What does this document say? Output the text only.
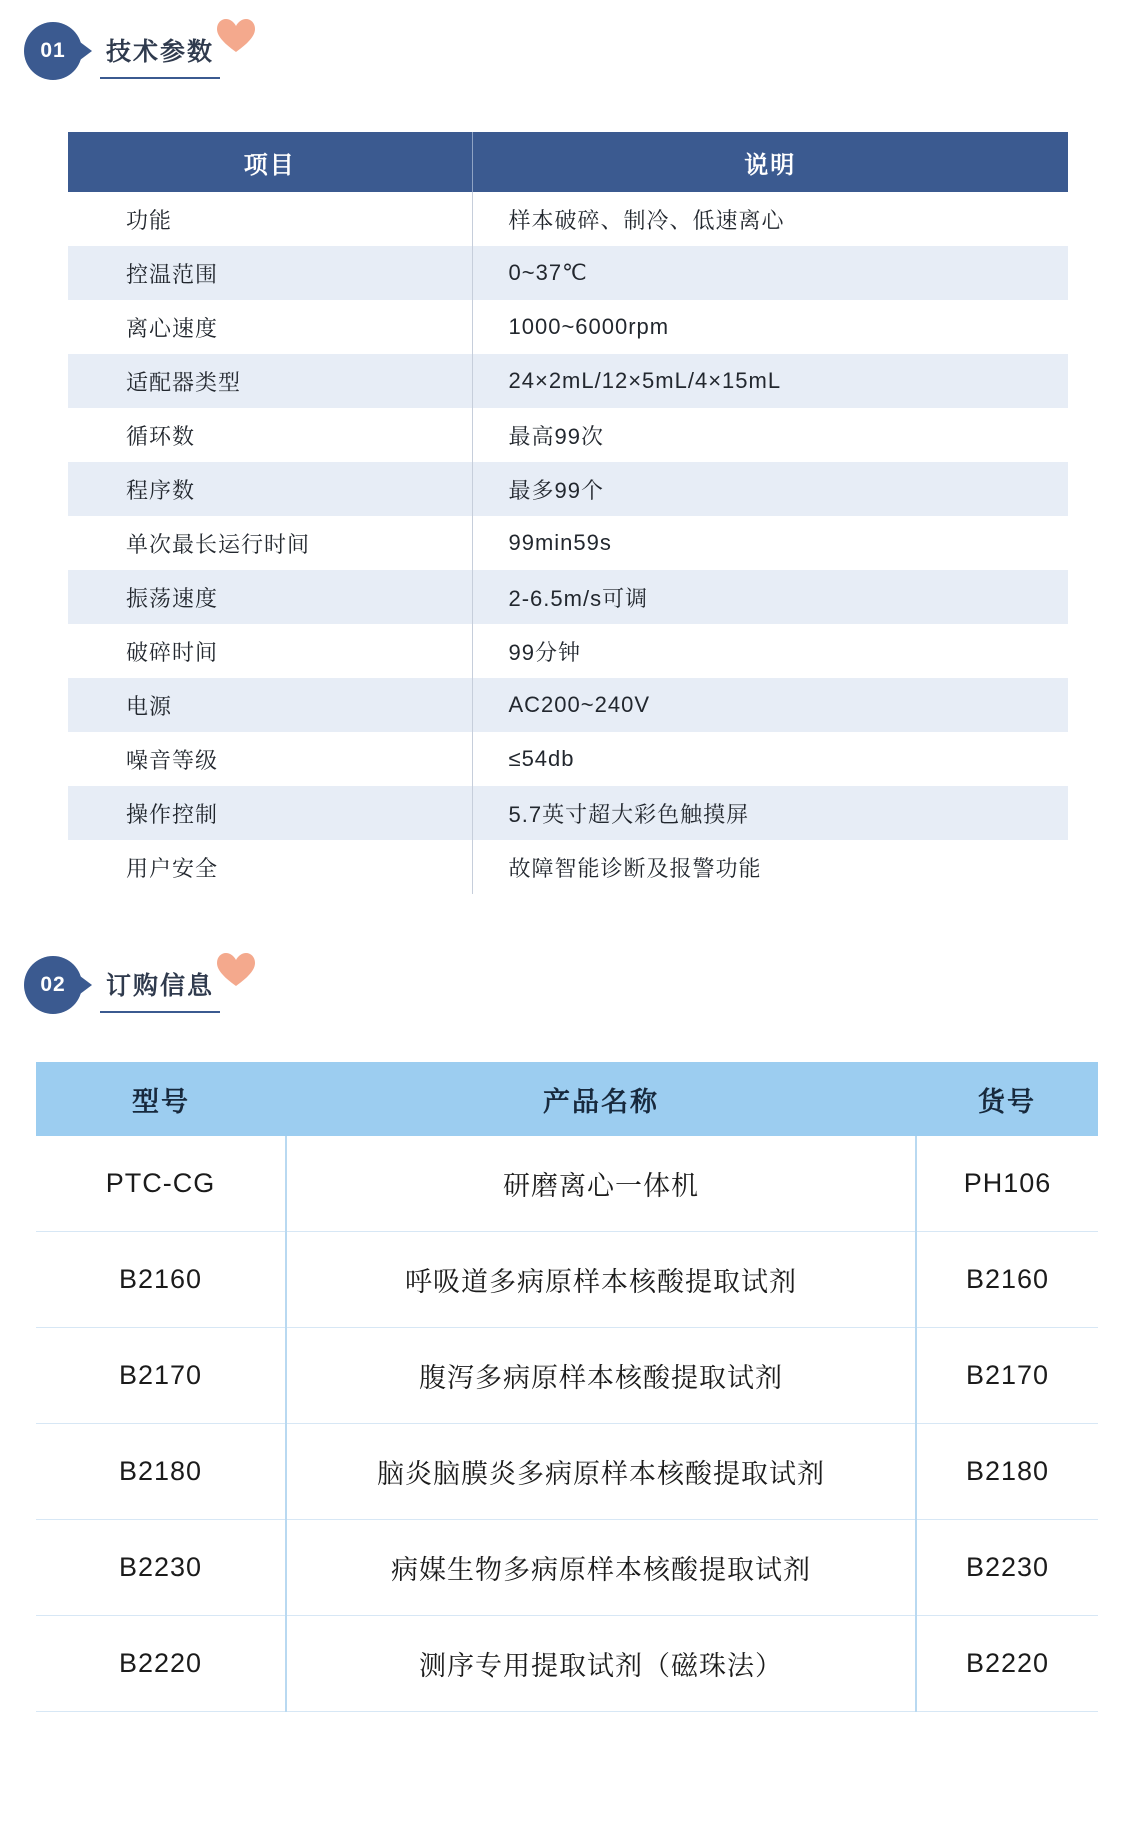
01	技术参数
项目	说明
功能	样本破碎、制冷、低速离心
控温范围	0~37℃
离心速度	1000~6000rpm
适配器类型	24×2mL/12×5mL/4×15mL
循环数	最高99次
程序数	最多99个
单次最长运行时间	99min59s
振荡速度	2-6.5m/s可调
破碎时间	99分钟
电源	AC200~240V
噪音等级	≤54db
操作控制	5.7英寸超大彩色触摸屏
用户安全	故障智能诊断及报警功能
02	订购信息
型号	产品名称	货号
PTC-CG	研磨离心一体机	PH106
B2160	呼吸道多病原样本核酸提取试剂	B2160
B2170	腹泻多病原样本核酸提取试剂	B2170
B2180	脑炎脑膜炎多病原样本核酸提取试剂	B2180
B2230	病媒生物多病原样本核酸提取试剂	B2230
B2220	测序专用提取试剂（磁珠法）	B2220
